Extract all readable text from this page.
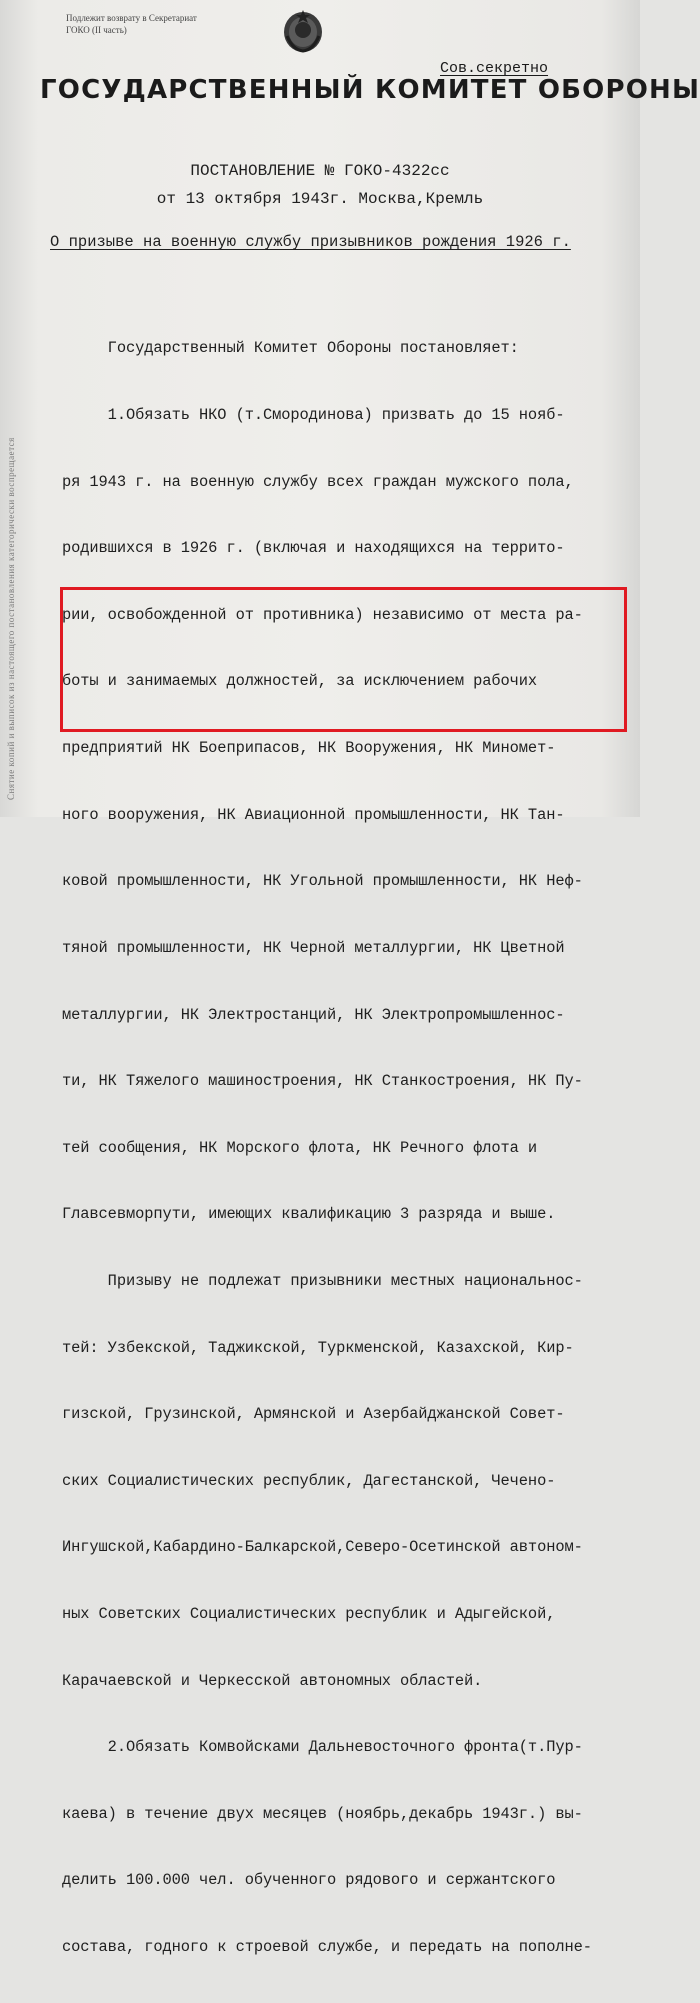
Снятие копий и выписок из настоящего постановления категорически воспрещается
Подлежит возврату в Секретариат
ГОКО (II часть)
Сов.секретно
ГОСУДАРСТВЕННЫЙ КОМИТЕТ ОБОРОНЫ
ПОСТАНОВЛЕНИЕ № ГОКО-4322сс
от 13 октября 1943г. Москва,Кремль
О призыве на военную службу призывников рождения 1926 г.

Государственный Комитет Обороны постановляет:

1.Обязать НКО (т.Смородинова) призвать до 15 нояб-

ря 1943 г. на военную службу всех граждан мужского пола,

родившихся в 1926 г. (включая и находящихся на террито-

рии, освобожденной от противника) независимо от места ра-

боты и занимаемых должностей, за исключением рабочих

предприятий НК Боеприпасов, НК Вооружения, НК Миномет-

ного вооружения, НК Авиационной промышленности, НК Тан-

ковой промышленности, НК Угольной промышленности, НК Неф-

тяной промышленности, НК Черной металлургии, НК Цветной

металлургии, НК Электростанций, НК Электропромышленнос-

ти, НК Тяжелого машиностроения, НК Станкостроения, НК Пу-

тей сообщения, НК Морского флота, НК Речного флота и

Главсевморпути, имеющих квалификацию 3 разряда и выше.

Призыву не подлежат призывники местных национальнос-

тей: Узбекской, Таджикской, Туркменской, Казахской, Кир-

гизской, Грузинской, Армянской и Азербайджанской Совет-

ских Социалистических республик, Дагестанской, Чечено-

Ингушской,Кабардино-Балкарской,Северо-Осетинской автоном-

ных Советских Социалистических республик и Адыгейской,

Карачаевской и Черкесской автономных областей.

2.Обязать Комвойсками Дальневосточного фронта(т.Пур-

каева) в течение двух месяцев (ноябрь,декабрь 1943г.) вы-

делить 100.000 чел. обученного рядового и сержантского

состава, годного к строевой службе, и передать на пополне-
